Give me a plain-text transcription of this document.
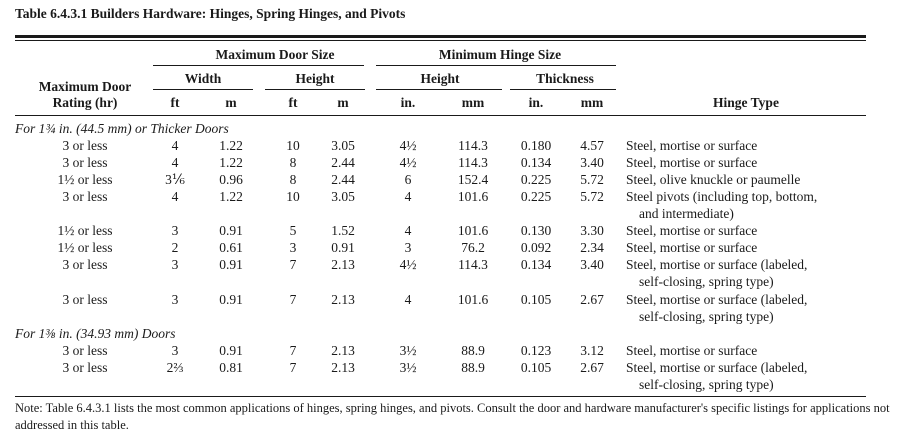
Table 6.4.3.1 Builders Hardware: Hinges, Spring Hinges, and Pivots
Maximum Door Size	Minimum Hinge Size
Width	Height	Height	Thickness
Maximum Door
Rating (hr)	ft	m	ft	m	in.	mm	in.	mm	Hinge Type
For 1¾ in. (44.5 mm) or Thicker Doors
3 or less	4	1.22	10	3.05	4½	114.3	0.180	4.57	Steel, mortise or surface
3 or less	4	1.22	8	2.44	4½	114.3	0.134	3.40	Steel, mortise or surface
1½ or less	3⅙	0.96	8	2.44	6	152.4	0.225	5.72	Steel, olive knuckle or paumelle
3 or less	4	1.22	10	3.05	4	101.6	0.225	5.72	Steel pivots (including top, bottom,
and intermediate)
1½ or less	3	0.91	5	1.52	4	101.6	0.130	3.30	Steel, mortise or surface
1½ or less	2	0.61	3	0.91	3	76.2	0.092	2.34	Steel, mortise or surface
3 or less	3	0.91	7	2.13	4½	114.3	0.134	3.40	Steel, mortise or surface (labeled,
self-closing, spring type)
3 or less	3	0.91	7	2.13	4	101.6	0.105	2.67	Steel, mortise or surface (labeled,
self-closing, spring type)
For 1⅜ in. (34.93 mm) Doors
3 or less	3	0.91	7	2.13	3½	88.9	0.123	3.12	Steel, mortise or surface
3 or less	2⅔	0.81	7	2.13	3½	88.9	0.105	2.67	Steel, mortise or surface (labeled,
self-closing, spring type)
Note: Table 6.4.3.1 lists the most common applications of hinges, spring hinges, and pivots. Consult the door and hardware manufacturer's specific listings for applications not addressed in this table.
